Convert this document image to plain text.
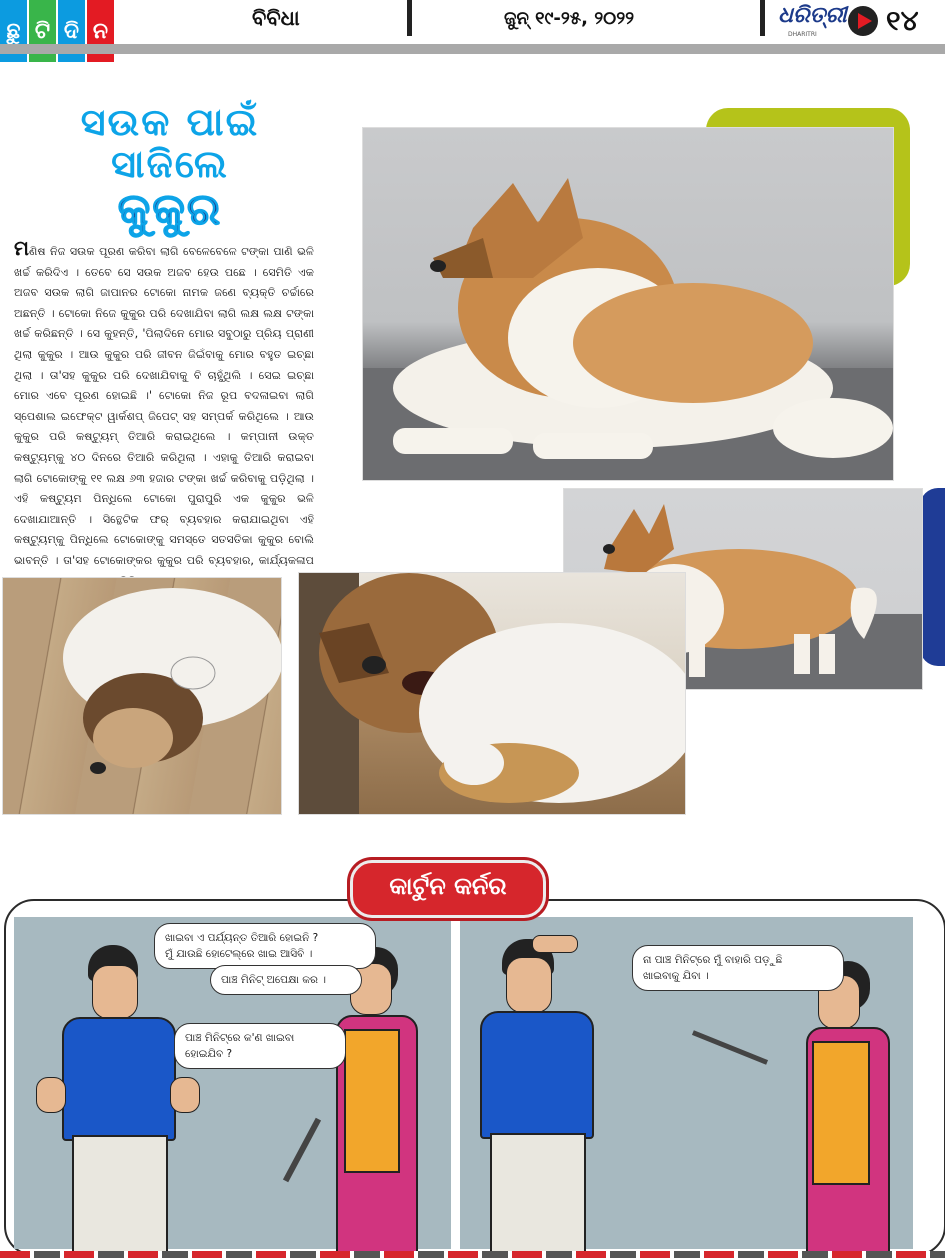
ଛୁ ଟି ଦି ନ
ବିବିଧା	ଜୁନ୍ ୧୯-୨୫, ୨୦୨୨	ଧରିତ୍ରୀ
DHARITRI ୧୪
ସଉକ ପାଇଁ
ସାଜିଲେ
କୁକୁର
ମଣିଷ ନିଜ ସଉକ ପୂରଣ କରିବା ଲାଗି ବେଳେବେଳେ ଟଙ୍କା ପାଣି ଭଳି ଖର୍ଚ୍ଚ କରିଦିଏ । ତେବେ ସେ ସଉକ ଅଜବ ହେଉ ପଛେ । ସେମିତି ଏକ ଅଜବ ସଉକ ଲାଗି ଜାପାନର ଟୋକୋ ନାମକ ଜଣେ ବ୍ୟକ୍ତି ଚର୍ଚ୍ଚାରେ ଅଛନ୍ତି । ଟୋକୋ ନିଜେ କୁକୁର ପରି ଦେଖାଯିବା ଲାଗି ଲକ୍ଷ ଲକ୍ଷ ଟଙ୍କା ଖର୍ଚ୍ଚ କରିଛନ୍ତି । ସେ କୁହନ୍ତି, 'ପିଲାଦିନେ ମୋର ସବୁଠାରୁ ପ୍ରିୟ ପ୍ରାଣୀ ଥିଲା କୁକୁର । ଆଉ କୁକୁର ପରି ଜୀବନ ଜିଇଁବାକୁ ମୋର ବହୁତ ଇଚ୍ଛା ଥିଲା । ତା'ସହ କୁକୁର ପରି ଦେଖାଯିବାକୁ ବି ଚାହୁଁଥିଲି । ସେଇ ଇଚ୍ଛା ମୋର ଏବେ ପୂରଣ ହୋଇଛି ।' ଟୋକୋ ନିଜ ରୂପ ବଦଳାଇବା ଲାଗି ସ୍ପେଶାଲ ଇଫେକ୍ଟ ୱାର୍କଶପ୍ ଜିପେଟ୍ ସହ ସମ୍ପର୍କ କରିଥିଲେ । ଆଉ କୁକୁର ପରି କଷ୍ଟ୍ୟୁମ୍ ତିଆରି କରାଇଥିଲେ । କମ୍ପାନୀ ଉକ୍ତ କଷ୍ଟ୍ୟୁମ୍‌କୁ ୪୦ ଦିନରେ ତିଆରି କରିଥିଲା । ଏହାକୁ ତିଆରି କରାଇବା ଲାଗି ଟୋକୋଙ୍କୁ ୧୧ ଲକ୍ଷ ୬୩ ହଜାର ଟଙ୍କା ଖର୍ଚ୍ଚ କରିବାକୁ ପଡ଼ିଥିଲା । ଏହି କଷ୍ଟ୍ୟୁମ ପିନ୍ଧିଲେ ଟୋକୋ ପୁରାପୁରି ଏକ କୁକୁର ଭଳି ଦେଖାଯାଆନ୍ତି । ସିନ୍ଥେଟିକ ଫର୍ ବ୍ୟବହାର କରାଯାଇଥିବା ଏହି କଷ୍ଟ୍ୟୁମ୍‌କୁ ପିନ୍ଧିଲେ ଟୋକୋଙ୍କୁ ସମସ୍ତେ ସତସତିକା କୁକୁର ବୋଲି ଭାବନ୍ତି । ତା'ସହ ଟୋକୋଙ୍କର କୁକୁର ପରି ବ୍ୟବହାର, କାର୍ଯ୍ୟକଳାପ
ଖାଇବା ଏ ପର୍ଯ୍ୟନ୍ତ ତିଆରି ହୋଇନି ?
ମୁଁ ଯାଉଛି ହୋଟେଲ୍‌ରେ ଖାଇ ଆସିବି ।
ପାଞ୍ଚ ମିନିଟ୍ ଅପେକ୍ଷା କର ।
ପାଞ୍ଚ ମିନିଟ୍‌ରେ କ'ଣ ଖାଇବା
ହୋଇଯିବ ?
ନା ପାଞ୍ଚ ମିନିଟ୍‌ରେ ମୁଁ ବାହାରି ପଡ଼ୁଛି
ଖାଇବାକୁ ଯିବା ।
କାର୍ଟୁନ କର୍ନର
